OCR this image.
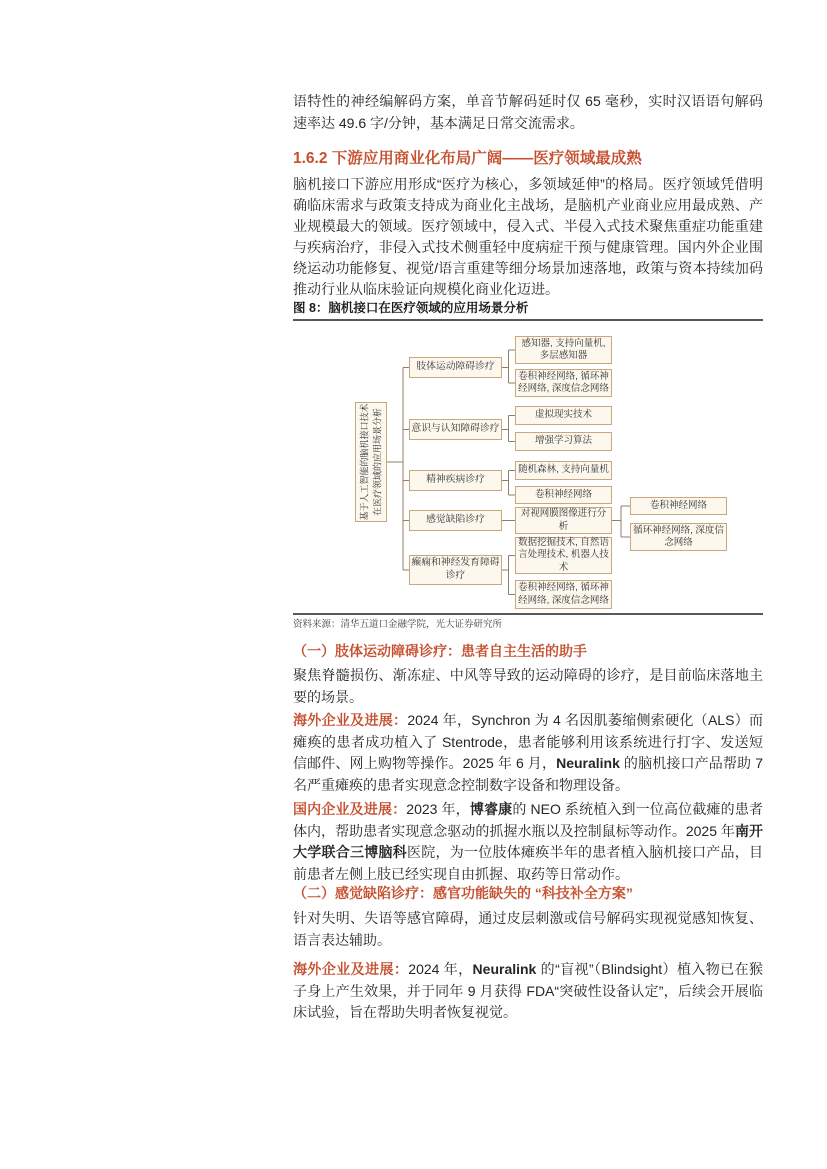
语特性的神经编解码方案，单音节解码延时仅 65 毫秒，实时汉语语句解码速率达 49.6 字/分钟，基本满足日常交流需求。

1.6.2 下游应用商业化布局广阔——医疗领域最成熟

脑机接口下游应用形成“医疗为核心，多领域延伸”的格局。医疗领域凭借明确临床需求与政策支持成为商业化主战场，是脑机产业商业应用最成熟、产业规模最大的领域。医疗领域中，侵入式、半侵入式技术聚焦重症功能重建与疾病治疗，非侵入式技术侧重轻中度病症干预与健康管理。国内外企业围绕运动功能修复、视觉/语言重建等细分场景加速落地，政策与资本持续加码推动行业从临床验证向规模化商业化迈进。

图 8：脑机接口在医疗领域的应用场景分析
基于人工智能的脑机接口技术 在医疗领域的应用场景分析
肢体运动障碍诊疗
意识与认知障碍诊疗
精神疾病诊疗
感觉缺陷诊疗
癫痫和神经发育障碍诊疗
感知器, 支持向量机, 多层感知器
卷积神经网络, 循环神经网络, 深度信念网络
虚拟现实技术
增强学习算法
随机森林, 支持向量机
卷积神经网络
对视网膜图像进行分析
数据挖掘技术, 自然语言处理技术, 机器人技术
卷积神经网络, 循环神经网络, 深度信念网络
卷积神经网络
循环神经网络, 深度信念网络
资料来源：清华五道口金融学院，光大证券研究所
（一）肢体运动障碍诊疗：患者自主生活的助手

聚焦脊髓损伤、渐冻症、中风等导致的运动障碍的诊疗，是目前临床落地主要的场景。

海外企业及进展：2024 年，Synchron 为 4 名因肌萎缩侧索硬化（ALS）而瘫痪的患者成功植入了 Stentrode，患者能够利用该系统进行打字、发送短信邮件、网上购物等操作。2025 年 6 月，Neuralink 的脑机接口产品帮助 7 名严重瘫痪的患者实现意念控制数字设备和物理设备。

国内企业及进展：2023 年，博睿康的 NEO 系统植入到一位高位截瘫的患者体内，帮助患者实现意念驱动的抓握水瓶以及控制鼠标等动作。2025 年南开大学联合三博脑科医院，为一位肢体瘫痪半年的患者植入脑机接口产品，目前患者左侧上肢已经实现自由抓握、取药等日常动作。

（二）感觉缺陷诊疗：感官功能缺失的 “科技补全方案”

针对失明、失语等感官障碍，通过皮层刺激或信号解码实现视觉感知恢复、语言表达辅助。

海外企业及进展：2024 年，Neuralink 的“盲视”（Blindsight）植入物已在猴子身上产生效果，并于同年 9 月获得 FDA“突破性设备认定”，后续会开展临床试验，旨在帮助失明者恢复视觉。
